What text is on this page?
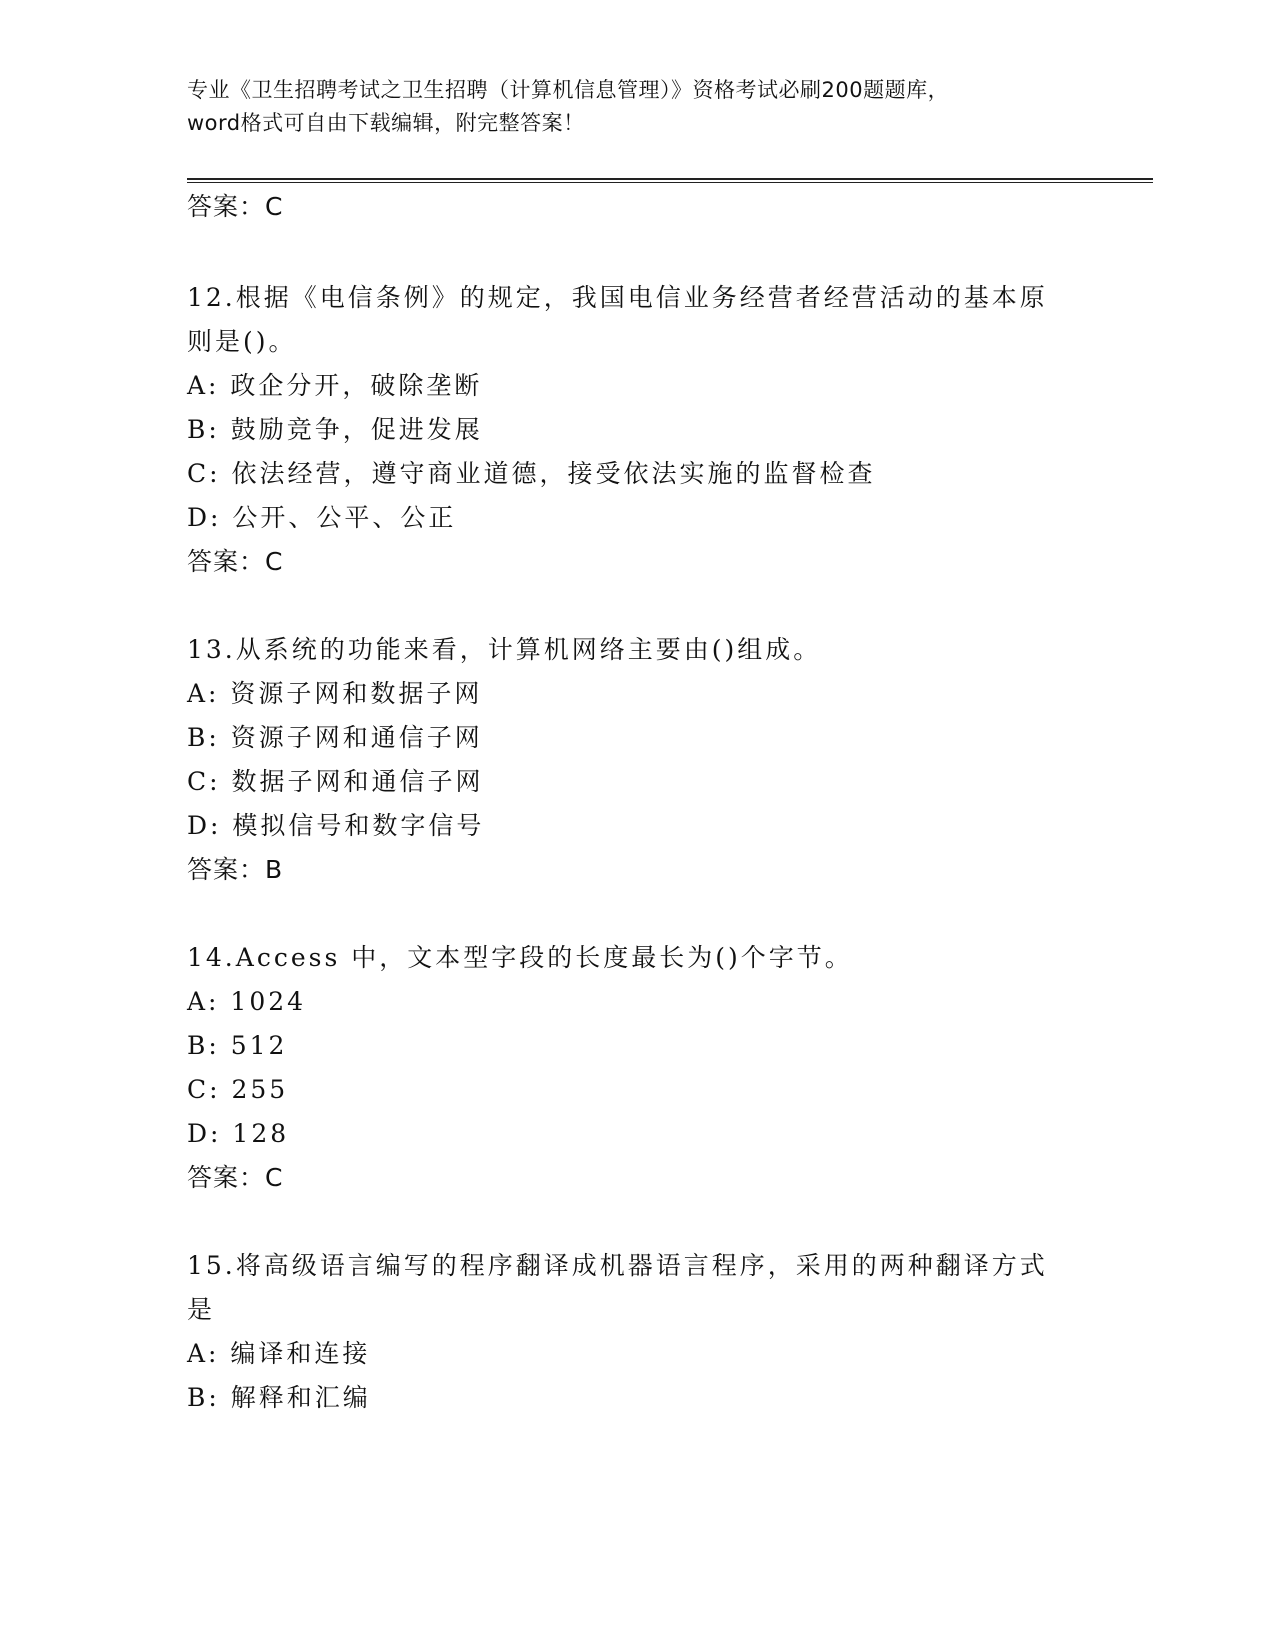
专业《卫生招聘考试之卫生招聘（计算机信息管理）》资格考试必刷200题题库，
word格式可自由下载编辑，附完整答案！
答案：C
12.根据《电信条例》的规定，我国电信业务经营者经营活动的基本原
则是()。
A: 政企分开，破除垄断
B: 鼓励竞争，促进发展
C: 依法经营，遵守商业道德，接受依法实施的监督检查
D: 公开、公平、公正
答案：C
13.从系统的功能来看，计算机网络主要由()组成。
A: 资源子网和数据子网
B: 资源子网和通信子网
C: 数据子网和通信子网
D: 模拟信号和数字信号
答案：B
14.Access 中，文本型字段的长度最长为()个字节。
A: 1024
B: 512
C: 255
D: 128
答案：C
15.将高级语言编写的程序翻译成机器语言程序，采用的两种翻译方式
是
A: 编译和连接
B: 解释和汇编
